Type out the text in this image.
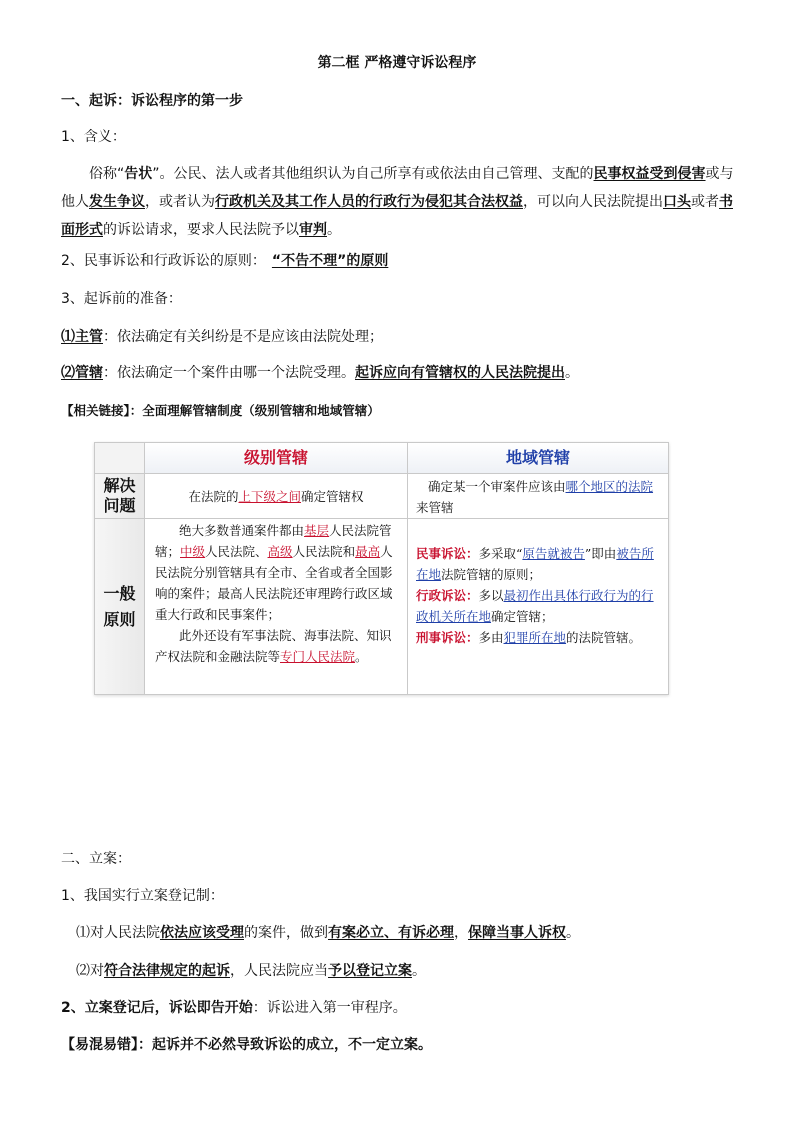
第二框 严格遵守诉讼程序
一、起诉：诉讼程序的第一步
1、含义：
俗称“告状”。公民、法人或者其他组织认为自己所享有或依法由自己管理、支配的民事权益受到侵害或与他人发生争议，或者认为行政机关及其工作人员的行政行为侵犯其合法权益，可以向人民法院提出口头或者书面形式的诉讼请求，要求人民法院予以审判。
2、民事诉讼和行政诉讼的原则： “不告不理”的原则
3、起诉前的准备：
⑴主管：依法确定有关纠纷是不是应该由法院处理；
⑵管辖：依法确定一个案件由哪一个法院受理。起诉应向有管辖权的人民法院提出。
【相关链接】：全面理解管辖制度（级别管辖和地域管辖）
级别管辖	地域管辖
解决问题	在法院的上下级之间确定管辖权
确定某一个审案件应该由哪个地区的法院来管辖
一般原则
绝大多数普通案件都由基层人民法院管辖；中级人民法院、高级人民法院和最高人民法院分别管辖具有全市、全省或者全国影响的案件；最高人民法院还审理跨行政区域重大行政和民事案件；
此外还设有军事法院、海事法院、知识产权法院和金融法院等专门人民法院。
民事诉讼：多采取“原告就被告”即由被告所在地法院管辖的原则；
行政诉讼：多以最初作出具体行政行为的行政机关所在地确定管辖；
刑事诉讼：多由犯罪所在地的法院管辖。
二、立案：
1、我国实行立案登记制：
⑴对人民法院依法应该受理的案件，做到有案必立、有诉必理，保障当事人诉权。
⑵对符合法律规定的起诉，人民法院应当予以登记立案。
2、立案登记后，诉讼即告开始：诉讼进入第一审程序。
【易混易错】：起诉并不必然导致诉讼的成立，不一定立案。
